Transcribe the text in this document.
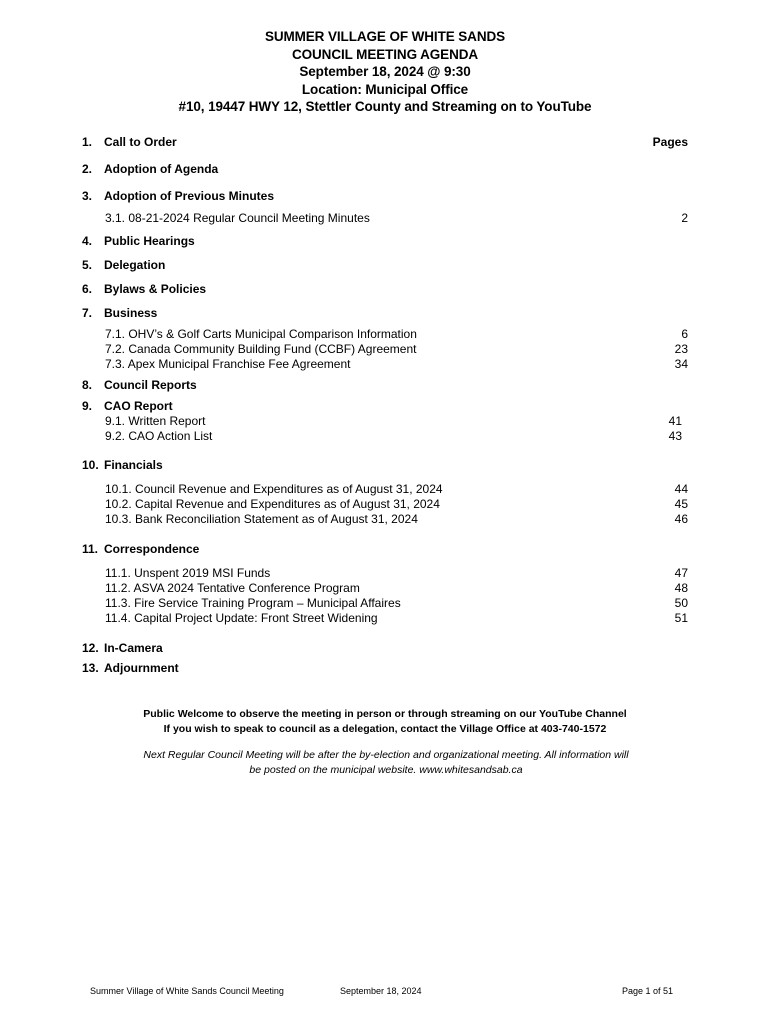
SUMMER VILLAGE OF WHITE SANDS
COUNCIL MEETING AGENDA
September 18, 2024 @ 9:30
Location: Municipal Office
#10, 19447 HWY 12, Stettler County and Streaming on to YouTube
1. Call to Order	Pages
2. Adoption of Agenda
3. Adoption of Previous Minutes
3.1. 08-21-2024 Regular Council Meeting Minutes	2
4. Public Hearings
5. Delegation
6. Bylaws & Policies
7. Business
7.1. OHV’s & Golf Carts Municipal Comparison Information	6
7.2. Canada Community Building Fund (CCBF) Agreement	23
7.3. Apex Municipal Franchise Fee Agreement	34
8. Council Reports
9. CAO Report
9.1. Written Report	41
9.2. CAO Action List	43
10. Financials
10.1. Council Revenue and Expenditures as of August 31, 2024	44
10.2. Capital Revenue and Expenditures as of August 31, 2024	45
10.3. Bank Reconciliation Statement as of August 31, 2024	46
11. Correspondence
11.1. Unspent 2019 MSI Funds	47
11.2. ASVA 2024 Tentative Conference Program	48
11.3. Fire Service Training Program – Municipal Affaires	50
11.4. Capital Project Update: Front Street Widening	51
12. In-Camera
13. Adjournment
Public Welcome to observe the meeting in person or through streaming on our YouTube Channel
If you wish to speak to council as a delegation, contact the Village Office at 403-740-1572
Next Regular Council Meeting will be after the by-election and organizational meeting. All information will
be posted on the municipal website. www.whitesandsab.ca
Summer Village of White Sands Council Meeting	September 18, 2024	Page 1 of 51
